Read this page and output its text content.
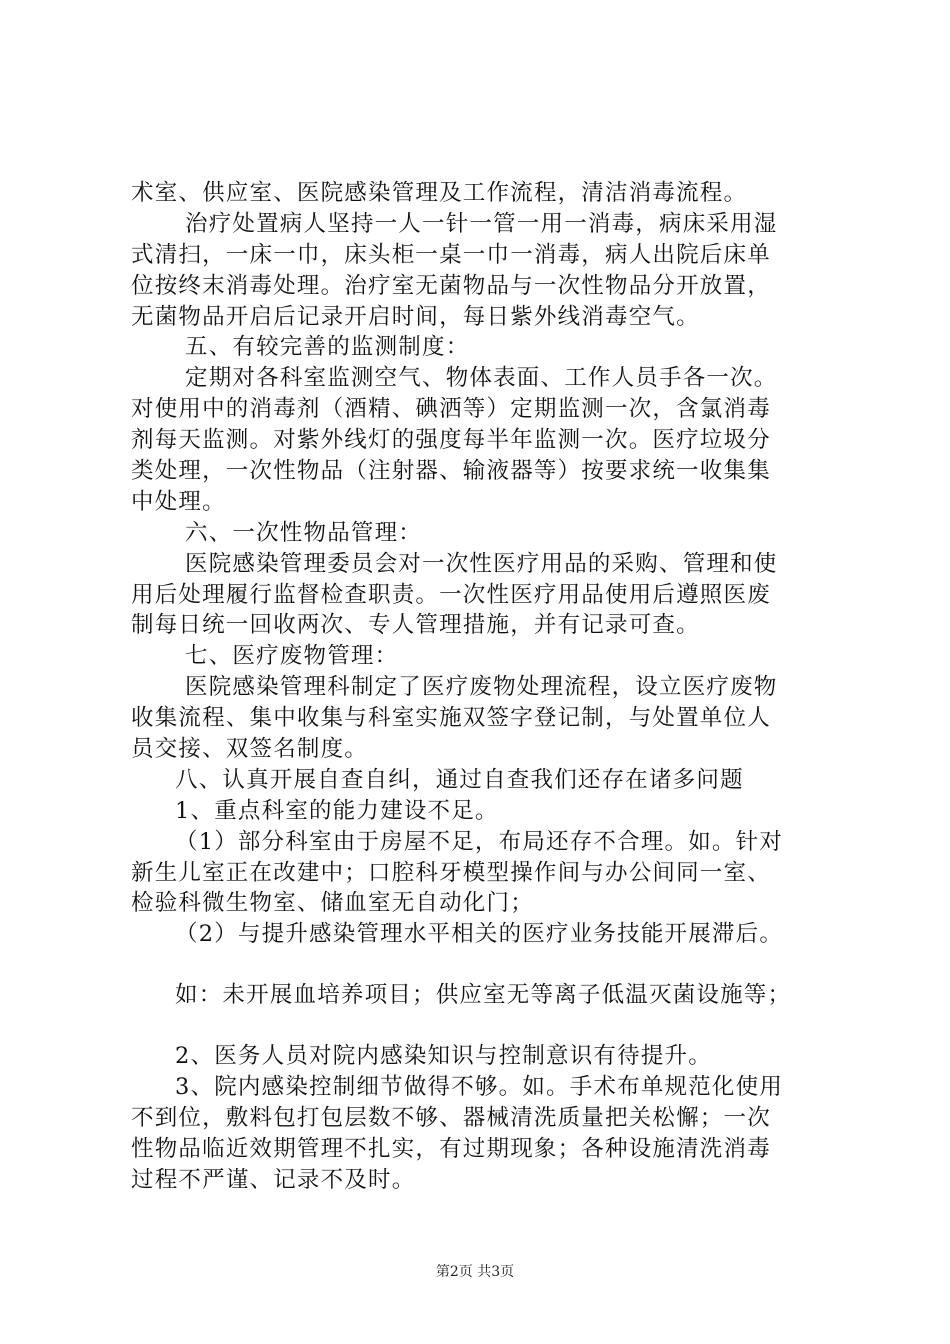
术室、供应室、医院感染管理及工作流程，清洁消毒流程。
治疗处置病人坚持一人一针一管一用一消毒，病床采用湿
式清扫，一床一巾，床头柜一桌一巾一消毒，病人出院后床单
位按终末消毒处理。治疗室无菌物品与一次性物品分开放置，
无菌物品开启后记录开启时间，每日紫外线消毒空气。
五、有较完善的监测制度：
定期对各科室监测空气、物体表面、工作人员手各一次。
对使用中的消毒剂（酒精、碘洒等）定期监测一次，含氯消毒
剂每天监测。对紫外线灯的强度每半年监测一次。医疗垃圾分
类处理，一次性物品（注射器、输液器等）按要求统一收集集
中处理。
六、一次性物品管理：
医院感染管理委员会对一次性医疗用品的采购、管理和使
用后处理履行监督检查职责。一次性医疗用品使用后遵照医废
制每日统一回收两次、专人管理措施，并有记录可查。
七、医疗废物管理：
医院感染管理科制定了医疗废物处理流程，设立医疗废物
收集流程、集中收集与科室实施双签字登记制，与处置单位人
员交接、双签名制度。
八、认真开展自查自纠，通过自查我们还存在诸多问题
1、重点科室的能力建设不足。
（1）部分科室由于房屋不足，布局还存不合理。如。针对
新生儿室正在改建中；口腔科牙模型操作间与办公间同一室、
检验科微生物室、储血室无自动化门；
（2）与提升感染管理水平相关的医疗业务技能开展滞后。
如：未开展血培养项目；供应室无等离子低温灭菌设施等；
2、医务人员对院内感染知识与控制意识有待提升。
3、院内感染控制细节做得不够。如。手术布单规范化使用
不到位，敷料包打包层数不够、器械清洗质量把关松懈；一次
性物品临近效期管理不扎实，有过期现象；各种设施清洗消毒
过程不严谨、记录不及时。
第2页 共3页
